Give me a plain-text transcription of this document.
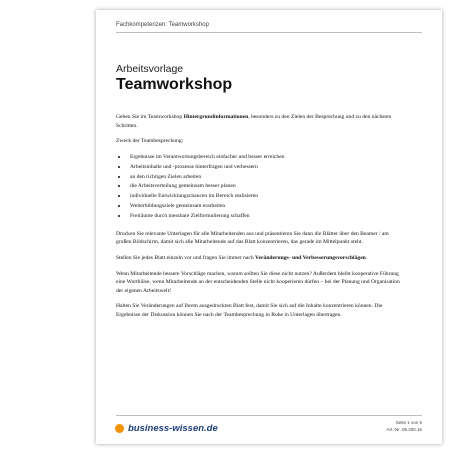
Fachkompetenzen: Teamworkshop
Arbeitsvorlage
Teamworkshop

Geben Sie im Teamworkshop Hintergrundinformationen, besonders zu den Zielen der Besprechung und zu den nächsten Schritten.

Zweck der Teambesprechung:

Ergebnisse im Verantwortungsbereich einfacher und besser erreichen
Arbeitsinhalte und -prozesse hinterfragen und verbessern
an den richtigen Zielen arbeiten
die Arbeitsverteilung gemeinsam besser planen
individuelle Entwicklungschancen im Bereich realisieren
Weiterbildungsziele gemeinsam erarbeiten
Freiräume durch messbare Zielformulierung schaffen

Drucken Sie relevante Unterlagen für alle Mitarbeitenden aus und präsentieren Sie dann die Blätter über den Beamer / am großen Bildschirm, damit sich alle Mitarbeitende auf das Blatt konzentrieren, das gerade im Mittelpunkt steht.

Stellen Sie jedes Blatt einzeln vor und fragen Sie immer nach Veränderungs- und Verbesserungsvorschlägen.

Wenn Mitarbeitende bessere Vorschläge machen, warum sollten Sie diese nicht nutzen? Außerdem bleibt kooperative Führung eine Worthülse, wenn Mitarbeitende an der entscheidenden Stelle nicht kooperieren dürfen – bei der Planung und Organisation der eigenen Arbeitswelt!

Halten Sie Veränderungen auf Ihrem ausgedruckten Blatt fest, damit Sie sich auf die Inhalte konzentrieren können. Die Ergebnisse der Diskussion können Sie nach der Teambesprechung in Ruhe in Unterlagen übertragen.

business-wissen.de
Seite 1 von 5
Art.-Nr. 06.200.15
